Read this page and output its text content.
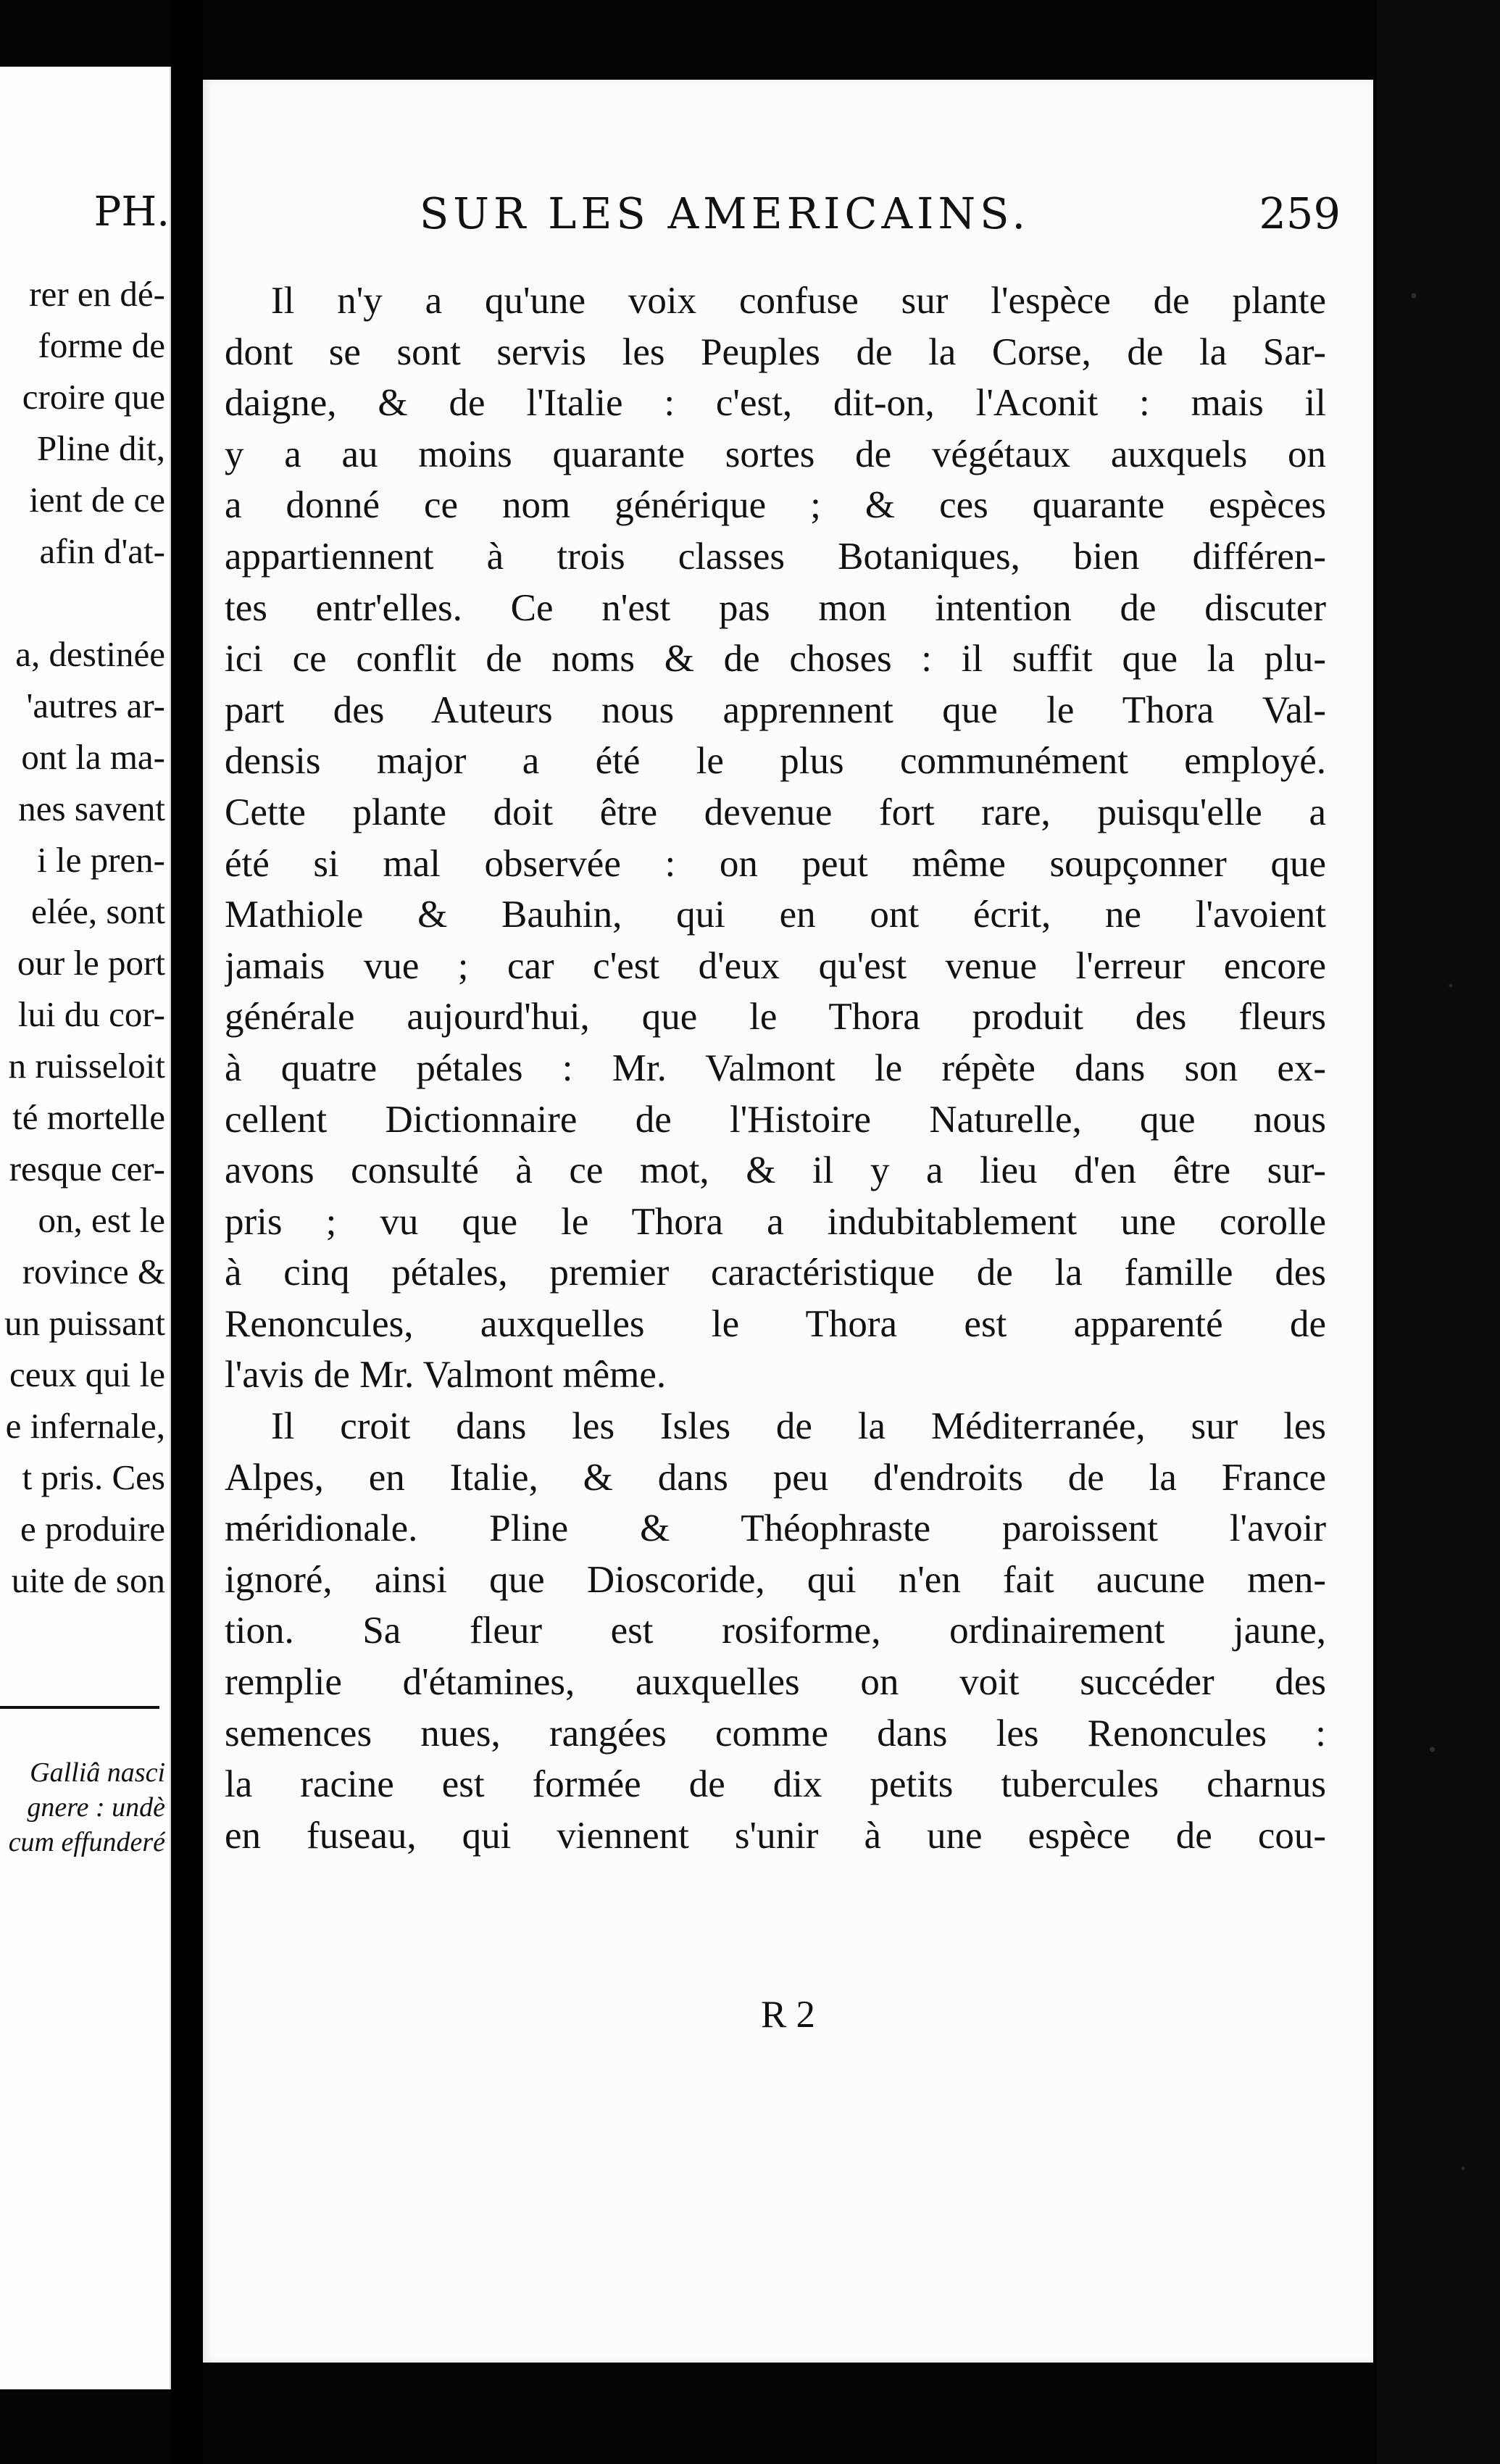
PH.
rer en dé-
forme de
croire que
Pline dit,
ient de ce
afin d'at-

a, destinée
'autres ar-
ont la ma-
nes savent
i le pren-
elée, sont
our le port
lui du cor-
n ruisseloit
té mortelle
resque cer-
on, est le
rovince &
un puissant
ceux qui le
e infernale,
t pris. Ces
e produire
uite de son
Galliâ nasci
gnere : undè
cum effunderé
SUR LES AMERICAINS.	259
Il n'y a qu'une voix confuse sur l'espèce de plante
dont se sont servis les Peuples de la Corse, de la Sar-
daigne, & de l'Italie : c'est, dit-on, l'Aconit : mais il
y a au moins quarante sortes de végétaux auxquels on
a donné ce nom générique ; & ces quarante espèces
appartiennent à trois classes Botaniques, bien différen-
tes entr'elles. Ce n'est pas mon intention de discuter
ici ce conflit de noms & de choses : il suffit que la plu-
part des Auteurs nous apprennent que le Thora Val-
densis major a été le plus communément employé.
Cette plante doit être devenue fort rare, puisqu'elle a
été si mal observée : on peut même soupçonner que
Mathiole & Bauhin, qui en ont écrit, ne l'avoient
jamais vue ; car c'est d'eux qu'est venue l'erreur encore
générale aujourd'hui, que le Thora produit des fleurs
à quatre pétales : Mr. Valmont le répète dans son ex-
cellent Dictionnaire de l'Histoire Naturelle, que nous
avons consulté à ce mot, & il y a lieu d'en être sur-
pris ; vu que le Thora a indubitablement une corolle
à cinq pétales, premier caractéristique de la famille des
Renoncules, auxquelles le Thora est apparenté de
l'avis de Mr. Valmont même.
Il croit dans les Isles de la Méditerranée, sur les
Alpes, en Italie, & dans peu d'endroits de la France
méridionale. Pline & Théophraste paroissent l'avoir
ignoré, ainsi que Dioscoride, qui n'en fait aucune men-
tion. Sa fleur est rosiforme, ordinairement jaune,
remplie d'étamines, auxquelles on voit succéder des
semences nues, rangées comme dans les Renoncules :
la racine est formée de dix petits tubercules charnus
en fuseau, qui viennent s'unir à une espèce de cou-
R 2
